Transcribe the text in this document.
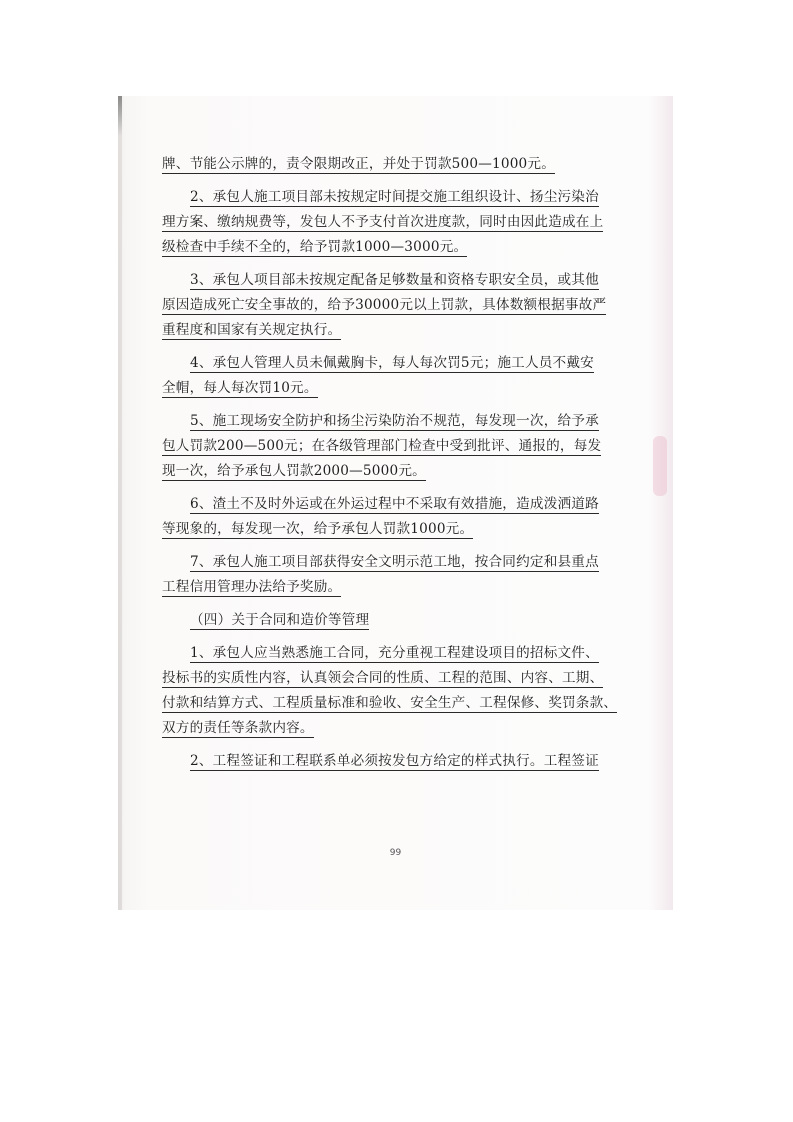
牌、节能公示牌的，责令限期改正，并处于罚款500—1000元。
2、承包人施工项目部未按规定时间提交施工组织设计、扬尘污染治
理方案、缴纳规费等，发包人不予支付首次进度款，同时由因此造成在上
级检查中手续不全的，给予罚款1000—3000元。
3、承包人项目部未按规定配备足够数量和资格专职安全员，或其他
原因造成死亡安全事故的，给予30000元以上罚款，具体数额根据事故严
重程度和国家有关规定执行。
4、承包人管理人员未佩戴胸卡，每人每次罚5元；施工人员不戴安
全帽，每人每次罚10元。
5、施工现场安全防护和扬尘污染防治不规范，每发现一次，给予承
包人罚款200—500元；在各级管理部门检查中受到批评、通报的，每发
现一次，给予承包人罚款2000—5000元。
6、渣土不及时外运或在外运过程中不采取有效措施，造成泼洒道路
等现象的，每发现一次，给予承包人罚款1000元。
7、承包人施工项目部获得安全文明示范工地，按合同约定和县重点
工程信用管理办法给予奖励。
（四）关于合同和造价等管理
1、承包人应当熟悉施工合同，充分重视工程建设项目的招标文件、
投标书的实质性内容，认真领会合同的性质、工程的范围、内容、工期、
付款和结算方式、工程质量标准和验收、安全生产、工程保修、奖罚条款、
双方的责任等条款内容。
2、工程签证和工程联系单必须按发包方给定的样式执行。工程签证
99
